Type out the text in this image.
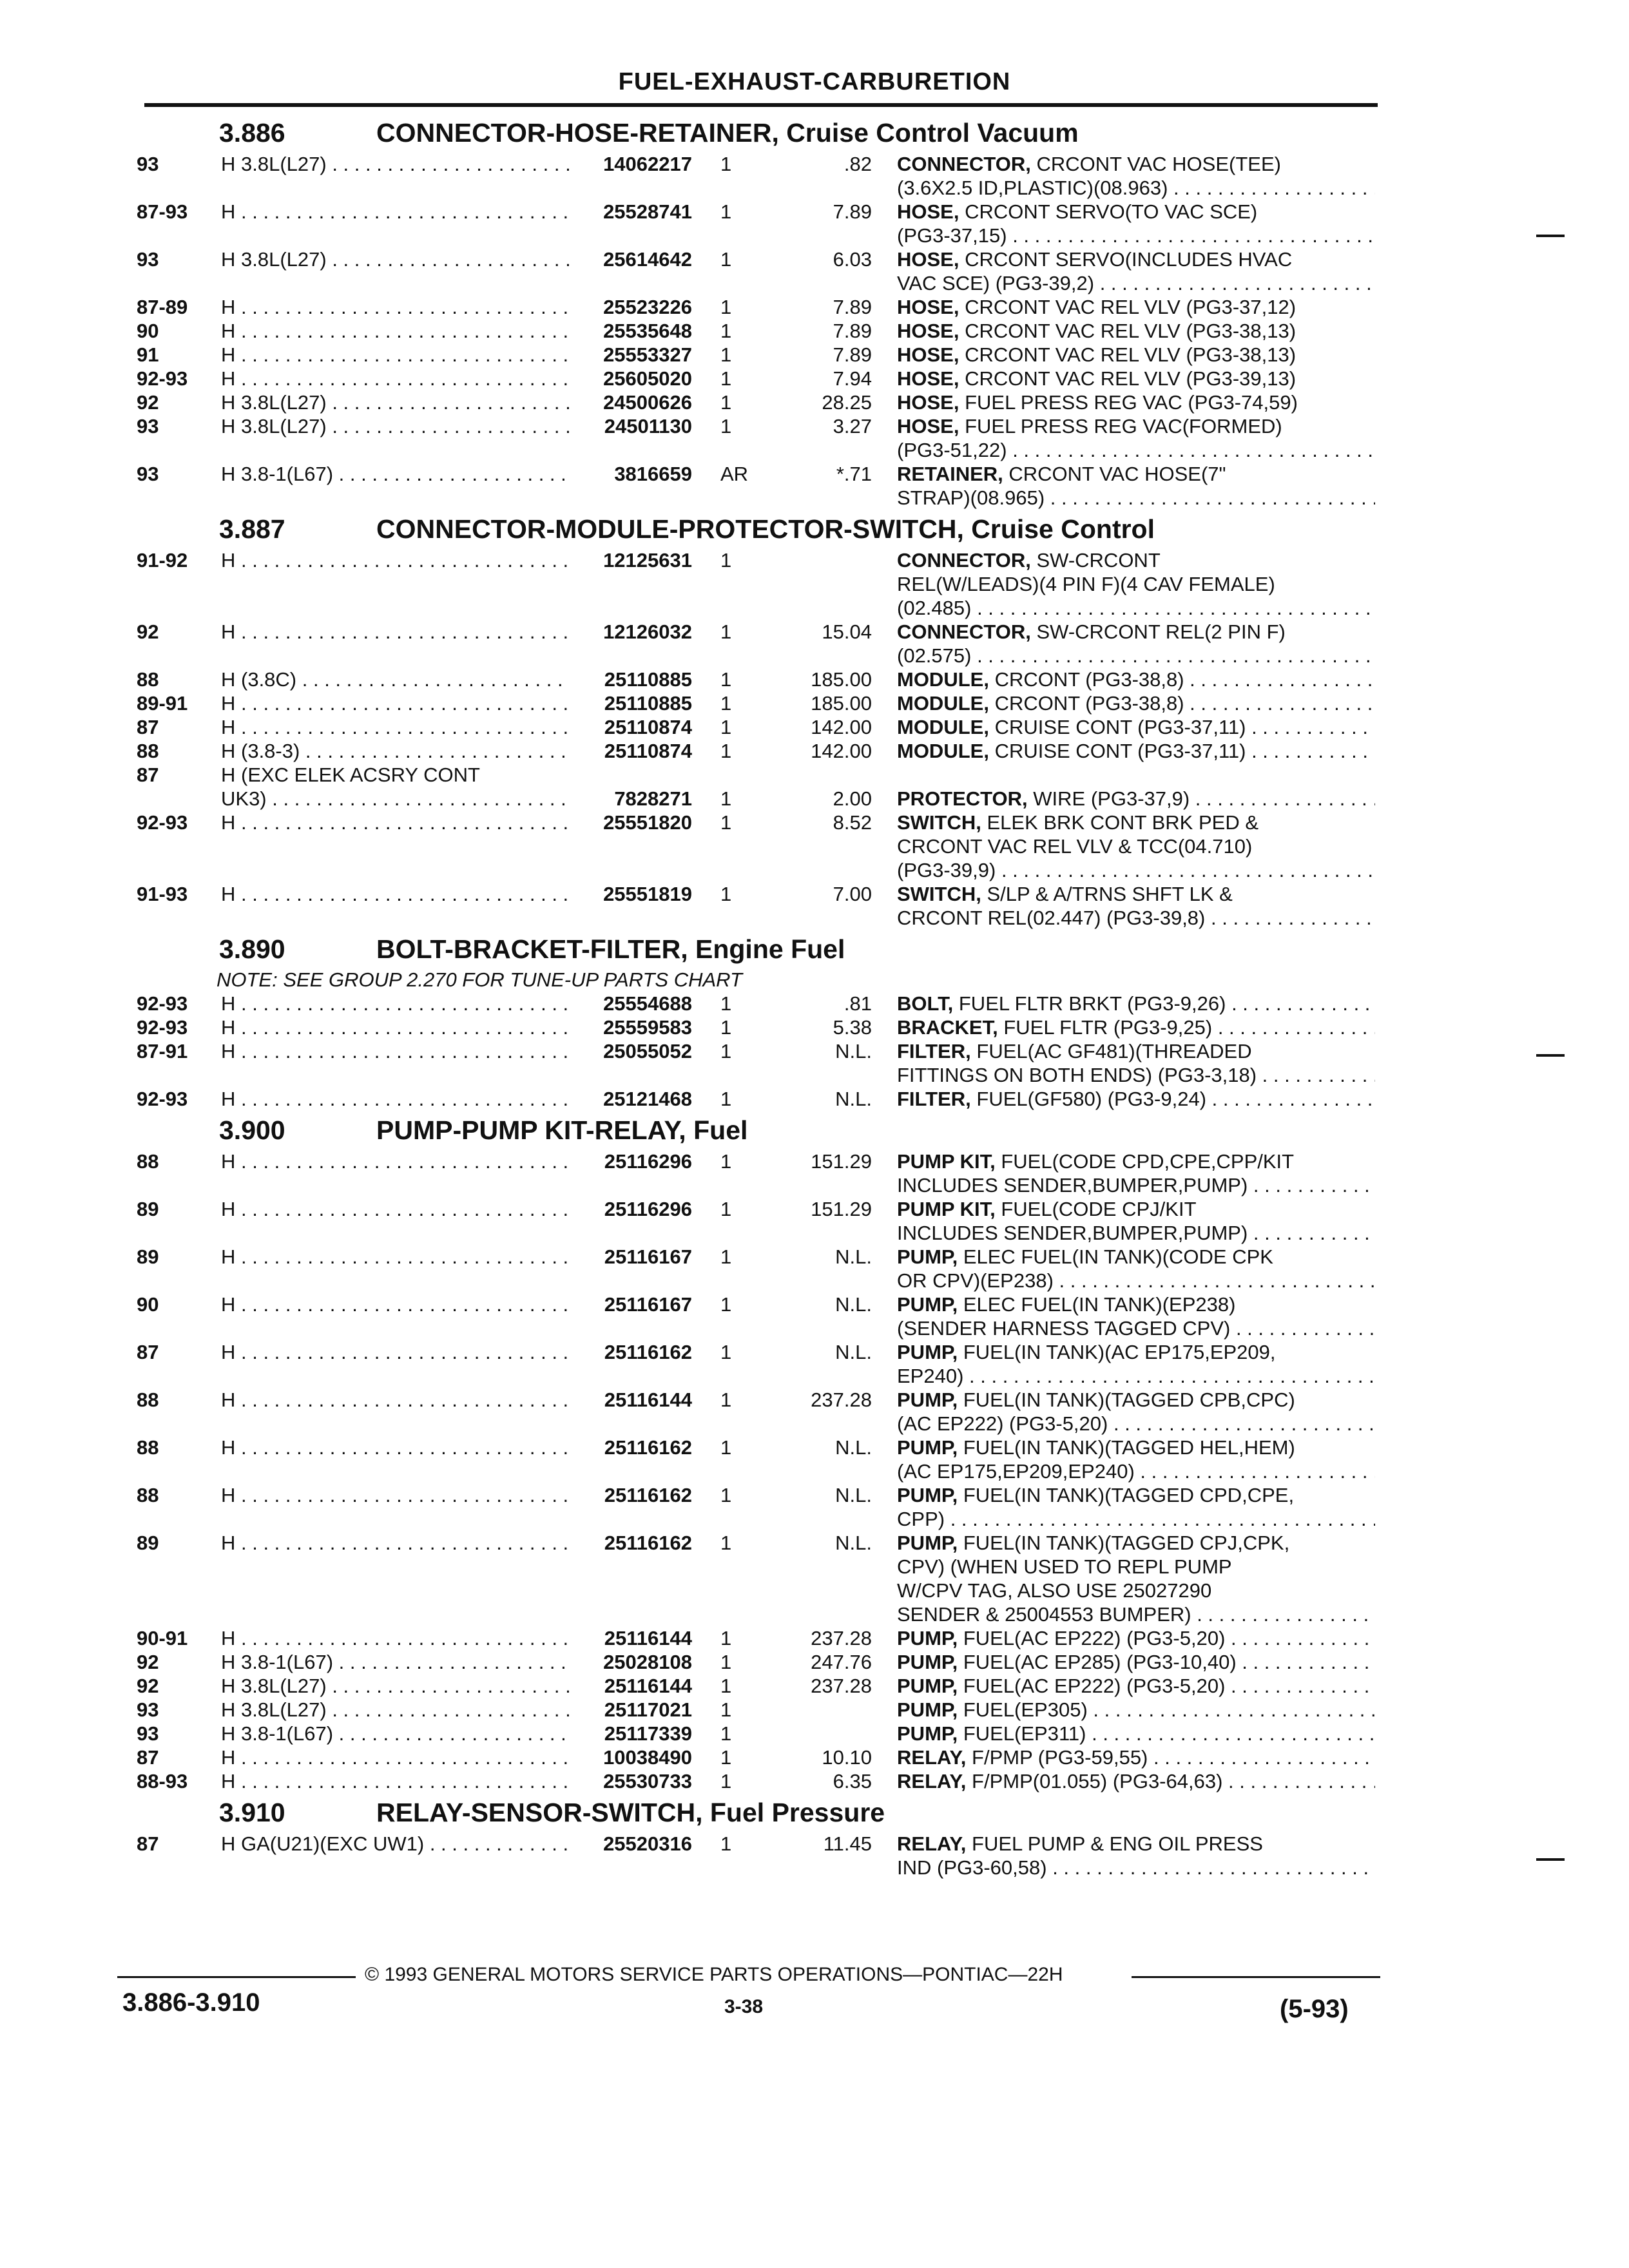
FUEL-EXHAUST-CARBURETION
3.886	CONNECTOR-HOSE-RETAINER, Cruise Control Vacuum
93	H 3.8L(L27) . . .	14062217 1	.82 CONNECTOR, CRCONT VAC HOSE(TEE)
(3.6X2.5 ID,PLASTIC)(08.963) . . .
87-93	H . . .	25528741 1	7.89 HOSE, CRCONT SERVO(TO VAC SCE)
(PG3-37,15) . . .
93	H 3.8L(L27) . . .	25614642 1	6.03 HOSE, CRCONT SERVO(INCLUDES HVAC
VAC SCE) (PG3-39,2) . . .
87-89	H . . .	25523226 1	7.89 HOSE, CRCONT VAC REL VLV (PG3-37,12)
90	H . . .	25535648 1	7.89 HOSE, CRCONT VAC REL VLV (PG3-38,13)
91	H . . .	25553327 1	7.89 HOSE, CRCONT VAC REL VLV (PG3-38,13)
92-93	H . . .	25605020 1	7.94 HOSE, CRCONT VAC REL VLV (PG3-39,13)
92	H 3.8L(L27) . . .	24500626 1	28.25 HOSE, FUEL PRESS REG VAC (PG3-74,59)
93	H 3.8L(L27) . . .	24501130 1	3.27 HOSE, FUEL PRESS REG VAC(FORMED)
(PG3-51,22) . . .
93	H 3.8-1(L67) . . .	3816659 AR	*.71 RETAINER, CRCONT VAC HOSE(7"
STRAP)(08.965) . . .
3.887	CONNECTOR-MODULE-PROTECTOR-SWITCH, Cruise Control
91-92	H . . .	12125631 1	CONNECTOR, SW-CRCONT
REL(W/LEADS)(4 PIN F)(4 CAV FEMALE)
(02.485) . . .
92	H . . .	12126032 1	15.04 CONNECTOR, SW-CRCONT REL(2 PIN F)
(02.575) . . .
88	H (3.8C) . . .	25110885 1	185.00 MODULE, CRCONT (PG3-38,8) . . .
89-91	H . . .	25110885 1	185.00 MODULE, CRCONT (PG3-38,8) . . .
87	H . . .	25110874 1	142.00 MODULE, CRUISE CONT (PG3-37,11) . . .
88	H (3.8-3) . . .	25110874 1	142.00 MODULE, CRUISE CONT (PG3-37,11) . . .
87	H (EXC ELEK ACSRY CONT
UK3) . . .	7828271 1	2.00 PROTECTOR, WIRE (PG3-37,9) . . .
92-93	H . . .	25551820 1	8.52 SWITCH, ELEK BRK CONT BRK PED &
CRCONT VAC REL VLV & TCC(04.710)
(PG3-39,9) . . .
91-93	H . . .	25551819 1	7.00 SWITCH, S/LP & A/TRNS SHFT LK &
CRCONT REL(02.447) (PG3-39,8) . . .
3.890	BOLT-BRACKET-FILTER, Engine Fuel
NOTE: SEE GROUP 2.270 FOR TUNE-UP PARTS CHART
92-93	H . . .	25554688 1	.81 BOLT, FUEL FLTR BRKT (PG3-9,26) . . .
92-93	H . . .	25559583 1	5.38 BRACKET, FUEL FLTR (PG3-9,25) . . .
87-91	H . . .	25055052 1	N.L. FILTER, FUEL(AC GF481)(THREADED
FITTINGS ON BOTH ENDS) (PG3-3,18) . . .
92-93	H . . .	25121468 1	N.L. FILTER, FUEL(GF580) (PG3-9,24) . . .
3.900	PUMP-PUMP KIT-RELAY, Fuel
88	H . . .	25116296 1	151.29 PUMP KIT, FUEL(CODE CPD,CPE,CPP/KIT
INCLUDES SENDER,BUMPER,PUMP) . . .
89	H . . .	25116296 1	151.29 PUMP KIT, FUEL(CODE CPJ/KIT
INCLUDES SENDER,BUMPER,PUMP) . . .
89	H . . .	25116167 1	N.L. PUMP, ELEC FUEL(IN TANK)(CODE CPK
OR CPV)(EP238) . . .
90	H . . .	25116167 1	N.L. PUMP, ELEC FUEL(IN TANK)(EP238)
(SENDER HARNESS TAGGED CPV) . . .
87	H . . .	25116162 1	N.L. PUMP, FUEL(IN TANK)(AC EP175,EP209,
EP240) . . .
88	H . . .	25116144 1	237.28 PUMP, FUEL(IN TANK)(TAGGED CPB,CPC)
(AC EP222) (PG3-5,20) . . .
88	H . . .	25116162 1	N.L. PUMP, FUEL(IN TANK)(TAGGED HEL,HEM)
(AC EP175,EP209,EP240) . . .
88	H . . .	25116162 1	N.L. PUMP, FUEL(IN TANK)(TAGGED CPD,CPE,
CPP) . . .
89	H . . .	25116162 1	N.L. PUMP, FUEL(IN TANK)(TAGGED CPJ,CPK,
CPV) (WHEN USED TO REPL PUMP
W/CPV TAG, ALSO USE 25027290
SENDER & 25004553 BUMPER) . . .
90-91	H . . .	25116144 1	237.28 PUMP, FUEL(AC EP222) (PG3-5,20) . . .
92	H 3.8-1(L67) . . .	25028108 1	247.76 PUMP, FUEL(AC EP285) (PG3-10,40) . . .
92	H 3.8L(L27) . . .	25116144 1	237.28 PUMP, FUEL(AC EP222) (PG3-5,20) . . .
93	H 3.8L(L27) . . .	25117021 1	PUMP, FUEL(EP305) . . .
93	H 3.8-1(L67) . . .	25117339 1	PUMP, FUEL(EP311) . . .
87	H . . .	10038490 1	10.10 RELAY, F/PMP (PG3-59,55) . . .
88-93	H . . .	25530733 1	6.35 RELAY, F/PMP(01.055) (PG3-64,63) . . .
3.910	RELAY-SENSOR-SWITCH, Fuel Pressure
87	H GA(U21)(EXC UW1) . . .	25520316 1	11.45 RELAY, FUEL PUMP & ENG OIL PRESS
IND (PG3-60,58) . . .
© 1993 GENERAL MOTORS SERVICE PARTS OPERATIONS—PONTIAC—22H
3.886-3.910	3-38	(5-93)
